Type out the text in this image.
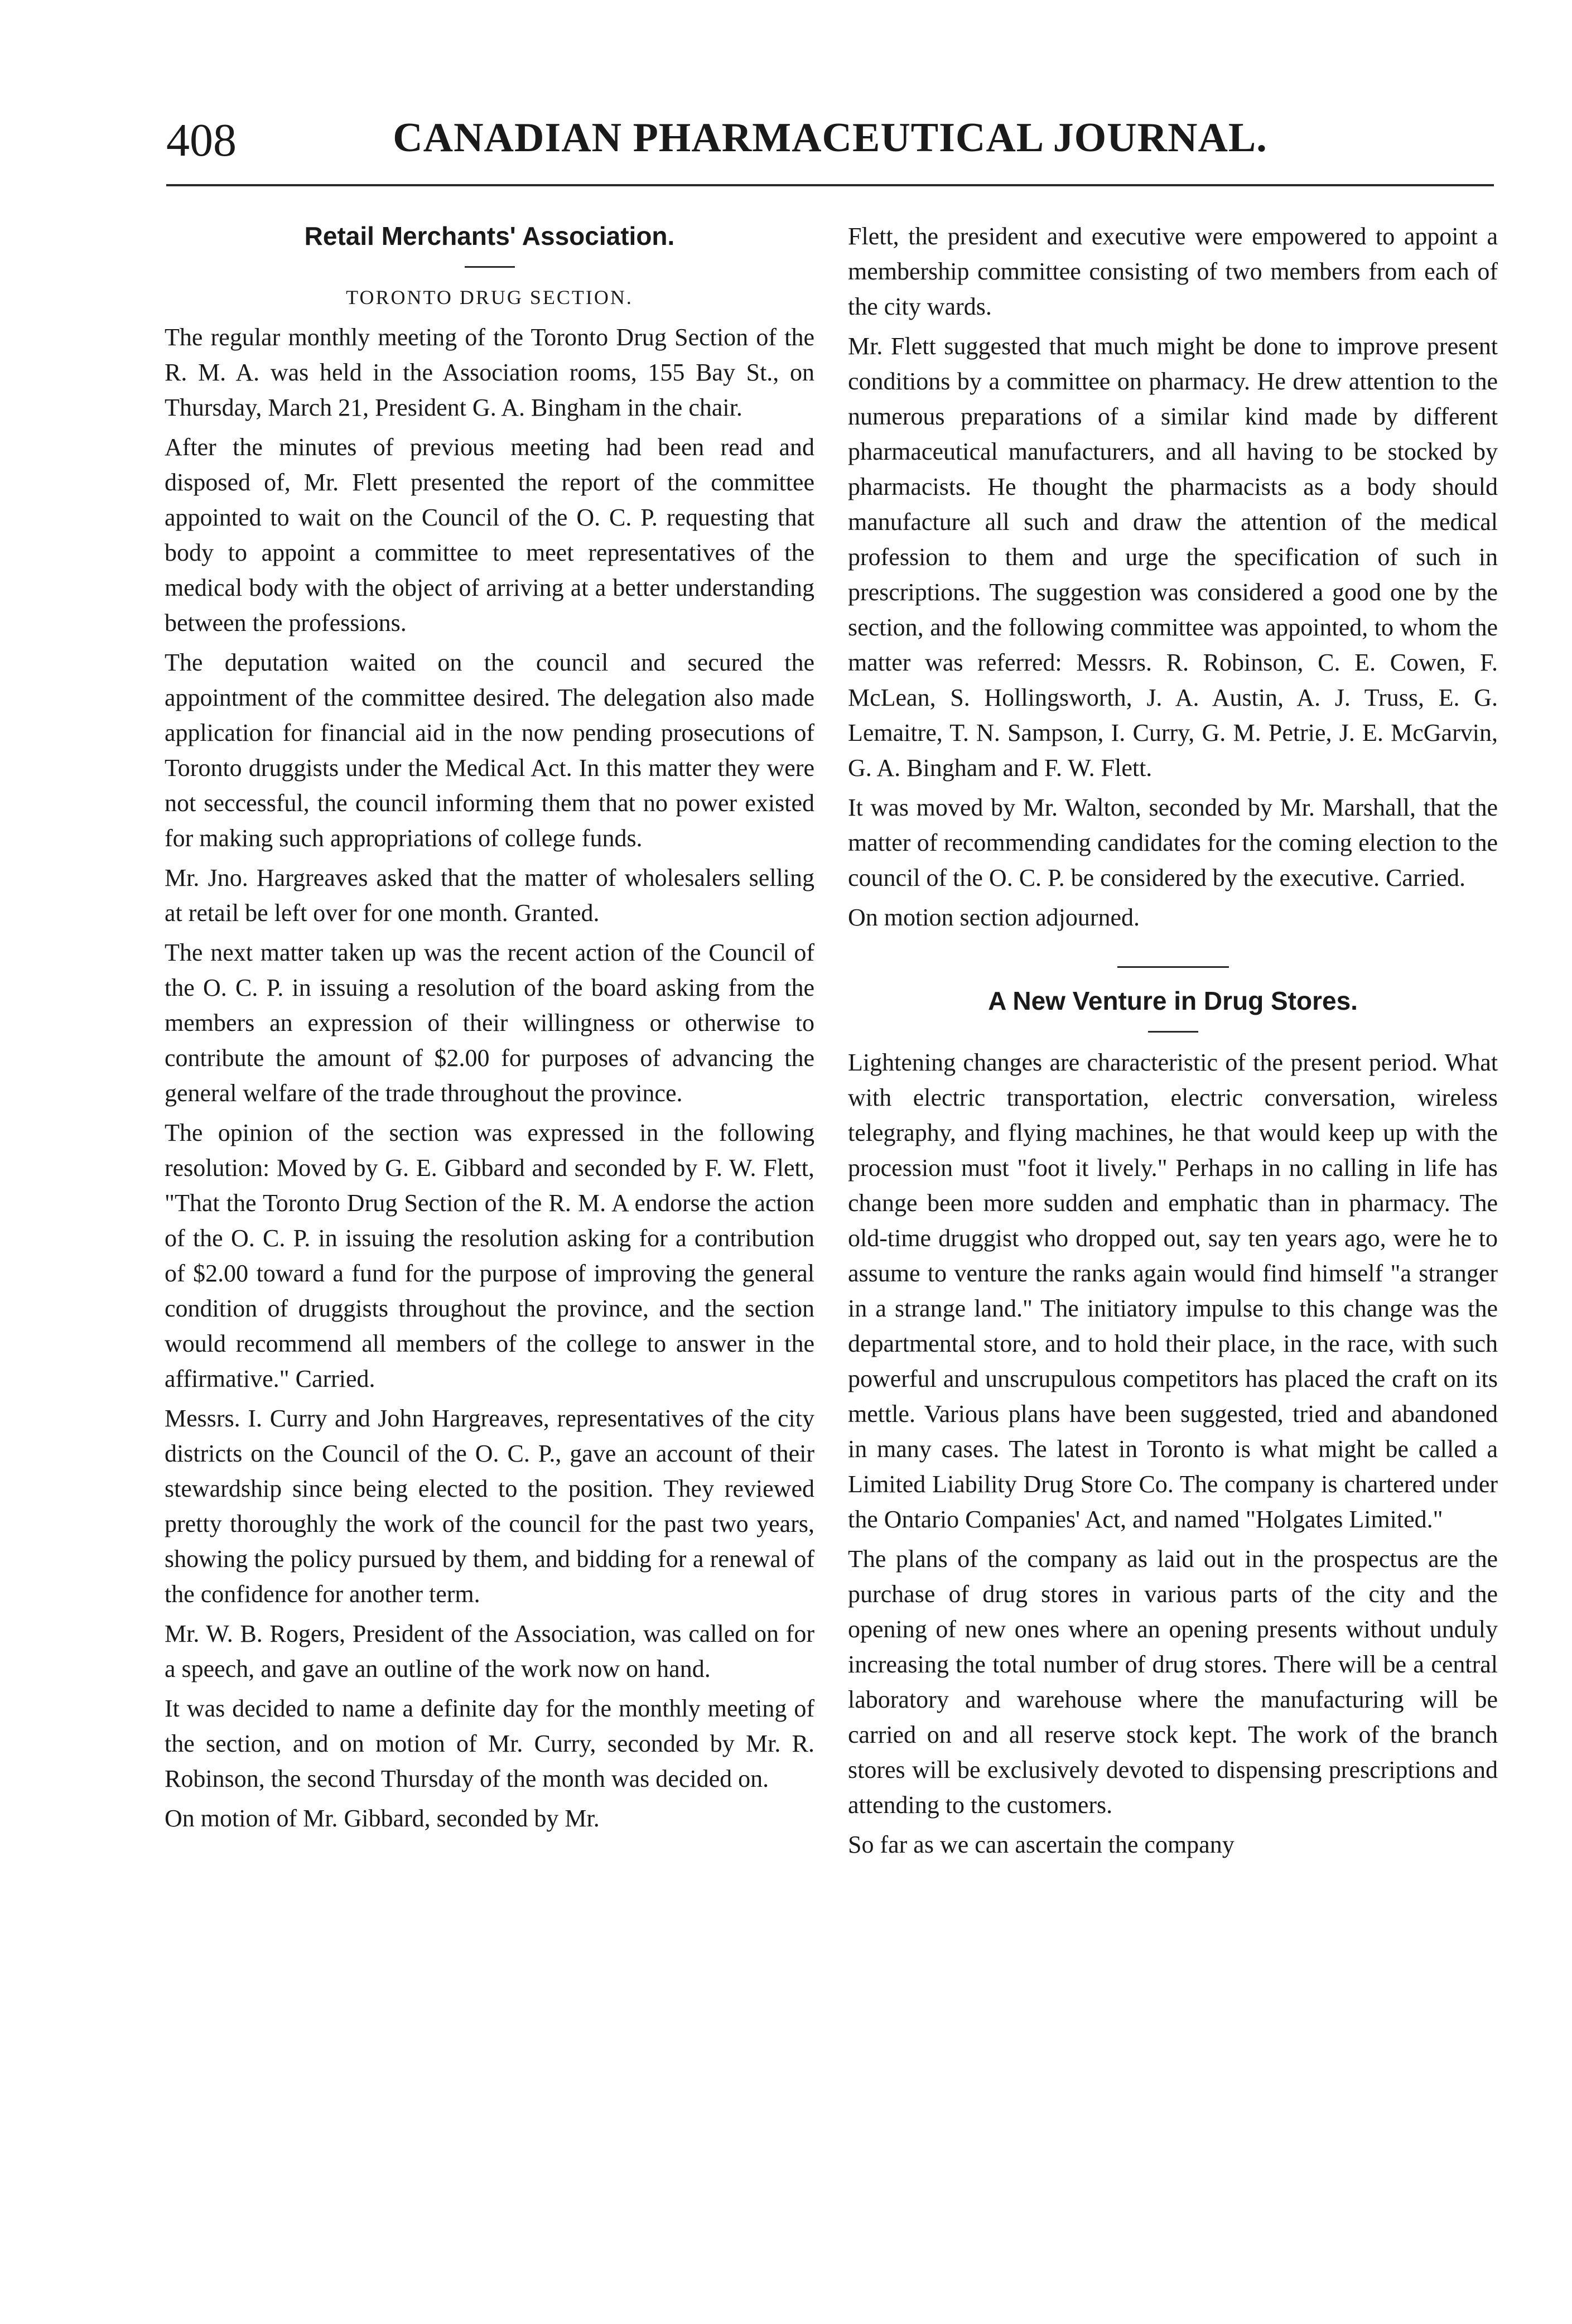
408	CANADIAN PHARMACEUTICAL JOURNAL.
Retail Merchants' Association.
TORONTO DRUG SECTION.

The regular monthly meeting of the Toronto Drug Section of the R. M. A. was held in the Association rooms, 155 Bay St., on Thursday, March 21, President G. A. Bingham in the chair.

After the minutes of previous meeting had been read and disposed of, Mr. Flett presented the report of the committee appointed to wait on the Council of the O. C. P. requesting that body to appoint a committee to meet representatives of the medical body with the object of arriving at a better understanding between the professions.

The deputation waited on the council and secured the appointment of the committee desired. The delegation also made application for financial aid in the now pending prosecutions of Toronto druggists under the Medical Act. In this matter they were not seccessful, the council informing them that no power existed for making such appropriations of college funds.

Mr. Jno. Hargreaves asked that the matter of wholesalers selling at retail be left over for one month. Granted.

The next matter taken up was the recent action of the Council of the O. C. P. in issuing a resolution of the board asking from the members an expression of their willingness or otherwise to contribute the amount of $2.00 for purposes of advancing the general welfare of the trade throughout the province.

The opinion of the section was expressed in the following resolution: Moved by G. E. Gibbard and seconded by F. W. Flett, "That the Toronto Drug Section of the R. M. A endorse the action of the O. C. P. in issuing the resolution asking for a contribution of $2.00 toward a fund for the purpose of improving the general condition of druggists throughout the province, and the section would recommend all members of the college to answer in the affirmative." Carried.

Messrs. I. Curry and John Hargreaves, representatives of the city districts on the Council of the O. C. P., gave an account of their stewardship since being elected to the position. They reviewed pretty thoroughly the work of the council for the past two years, showing the policy pursued by them, and bidding for a renewal of the confidence for another term.

Mr. W. B. Rogers, President of the Association, was called on for a speech, and gave an outline of the work now on hand.

It was decided to name a definite day for the monthly meeting of the section, and on motion of Mr. Curry, seconded by Mr. R. Robinson, the second Thursday of the month was decided on.

On motion of Mr. Gibbard, seconded by Mr.

Flett, the president and executive were empowered to appoint a membership committee consisting of two members from each of the city wards.

Mr. Flett suggested that much might be done to improve present conditions by a committee on pharmacy. He drew attention to the numerous preparations of a similar kind made by different pharmaceutical manufacturers, and all having to be stocked by pharmacists. He thought the pharmacists as a body should manufacture all such and draw the attention of the medical profession to them and urge the specification of such in prescriptions. The suggestion was considered a good one by the section, and the following committee was appointed, to whom the matter was referred: Messrs. R. Robinson, C. E. Cowen, F. McLean, S. Hollingsworth, J. A. Austin, A. J. Truss, E. G. Lemaitre, T. N. Sampson, I. Curry, G. M. Petrie, J. E. McGarvin, G. A. Bingham and F. W. Flett.

It was moved by Mr. Walton, seconded by Mr. Marshall, that the matter of recommending candidates for the coming election to the council of the O. C. P. be considered by the executive. Carried.

On motion section adjourned.

A New Venture in Drug Stores.

Lightening changes are characteristic of the present period. What with electric transportation, electric conversation, wireless telegraphy, and flying machines, he that would keep up with the procession must "foot it lively." Perhaps in no calling in life has change been more sudden and emphatic than in pharmacy. The old-time druggist who dropped out, say ten years ago, were he to assume to venture the ranks again would find himself "a stranger in a strange land." The initiatory impulse to this change was the departmental store, and to hold their place, in the race, with such powerful and unscrupulous competitors has placed the craft on its mettle. Various plans have been suggested, tried and abandoned in many cases. The latest in Toronto is what might be called a Limited Liability Drug Store Co. The company is chartered under the Ontario Companies' Act, and named "Holgates Limited."

The plans of the company as laid out in the prospectus are the purchase of drug stores in various parts of the city and the opening of new ones where an opening presents without unduly increasing the total number of drug stores. There will be a central laboratory and warehouse where the manufacturing will be carried on and all reserve stock kept. The work of the branch stores will be exclusively devoted to dispensing prescriptions and attending to the customers.

So far as we can ascertain the company
